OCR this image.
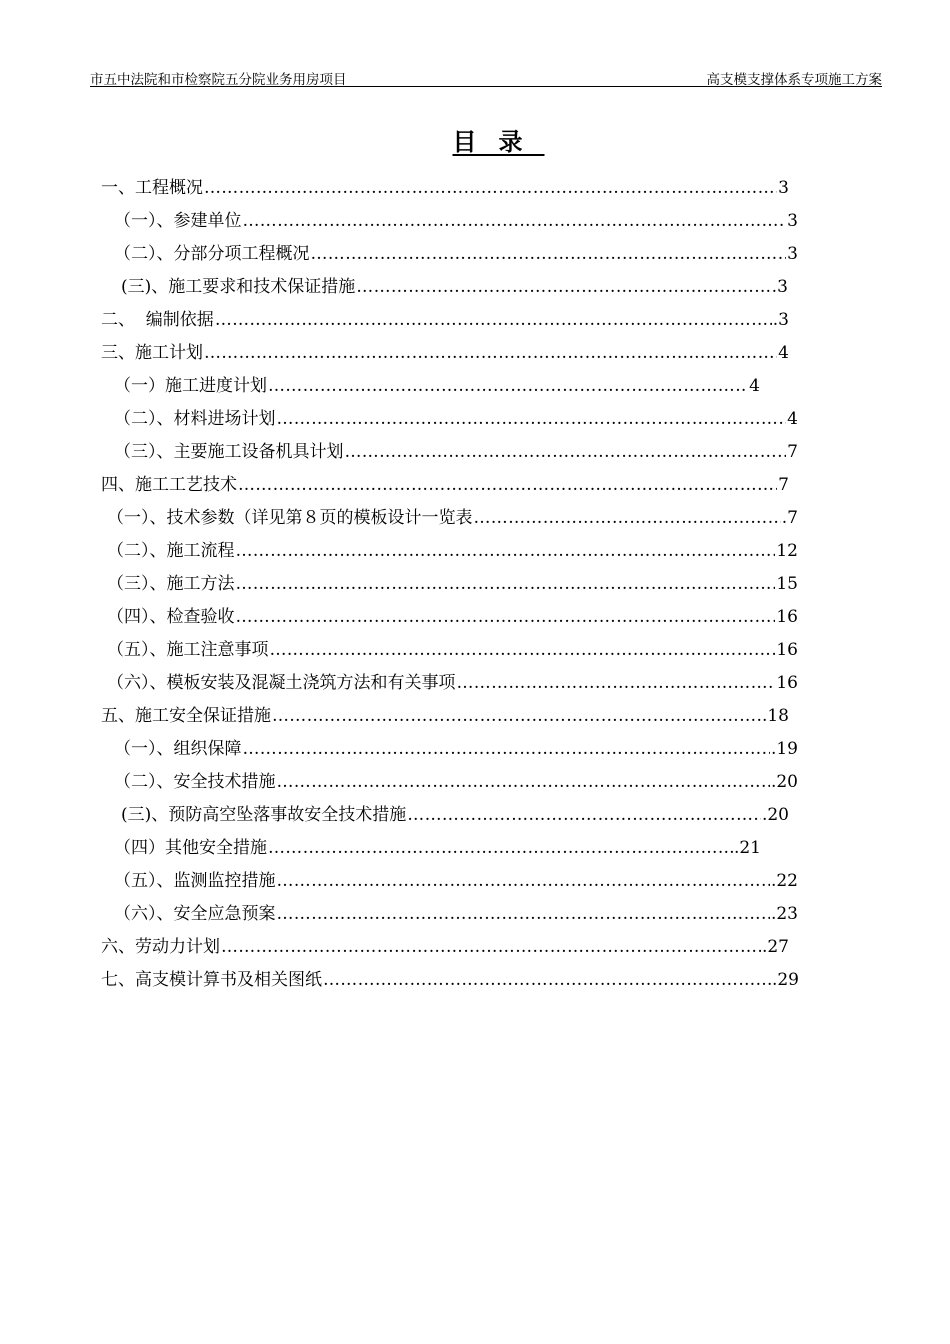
市五中法院和市检察院五分院业务用房项目	高支模支撑体系专项施工方案
目录
一、工程概况 …………………………………………………………………………………………………………………………………………………………	3
（一）、参建单位 …………………………………………………………………………………………………………………………………………………………	3
（二）、分部分项工程概况 …………………………………………………………………………………………………………………………………………………………	3
(三)、施工要求和技术保证措施 …………………………………………………………………………………………………………………………………………………………	3
二、  编制依据 …………………………………………………………………………………………………………………………………………………………	.3
三、施工计划 …………………………………………………………………………………………………………………………………………………………	4
（一）施工进度计划 …………………………………………………………………………………………………………………………………………………………	4
（二）、材料进场计划 …………………………………………………………………………………………………………………………………………………………	4
（三）、主要施工设备机具计划 …………………………………………………………………………………………………………………………………………………………	7
四、施工工艺技术 …………………………………………………………………………………………………………………………………………………………	7
（一）、技术参数（详见第８页的模板设计一览表 …………………………………………………………………………………………………………………………………………………………	.7
（二）、施工流程 …………………………………………………………………………………………………………………………………………………………	12
（三）、施工方法 …………………………………………………………………………………………………………………………………………………………	15
（四）、检查验收 …………………………………………………………………………………………………………………………………………………………	16
（五）、施工注意事项 …………………………………………………………………………………………………………………………………………………………	16
（六）、模板安装及混凝土浇筑方法和有关事项 …………………………………………………………………………………………………………………………………………………………	16
五、施工安全保证措施 …………………………………………………………………………………………………………………………………………………………	.18
（一）、组织保障 …………………………………………………………………………………………………………………………………………………………	.19
（二）、安全技术措施 …………………………………………………………………………………………………………………………………………………………	.20
(三)、预防高空坠落事故安全技术措施 …………………………………………………………………………………………………………………………………………………………	.20
（四）其他安全措施 …………………………………………………………………………………………………………………………………………………………	.21
（五）、监测监控措施 …………………………………………………………………………………………………………………………………………………………	.22
（六）、安全应急预案 …………………………………………………………………………………………………………………………………………………………	.23
六、劳动力计划 …………………………………………………………………………………………………………………………………………………………	.27
七、高支模计算书及相关图纸 …………………………………………………………………………………………………………………………………………………………	.29
